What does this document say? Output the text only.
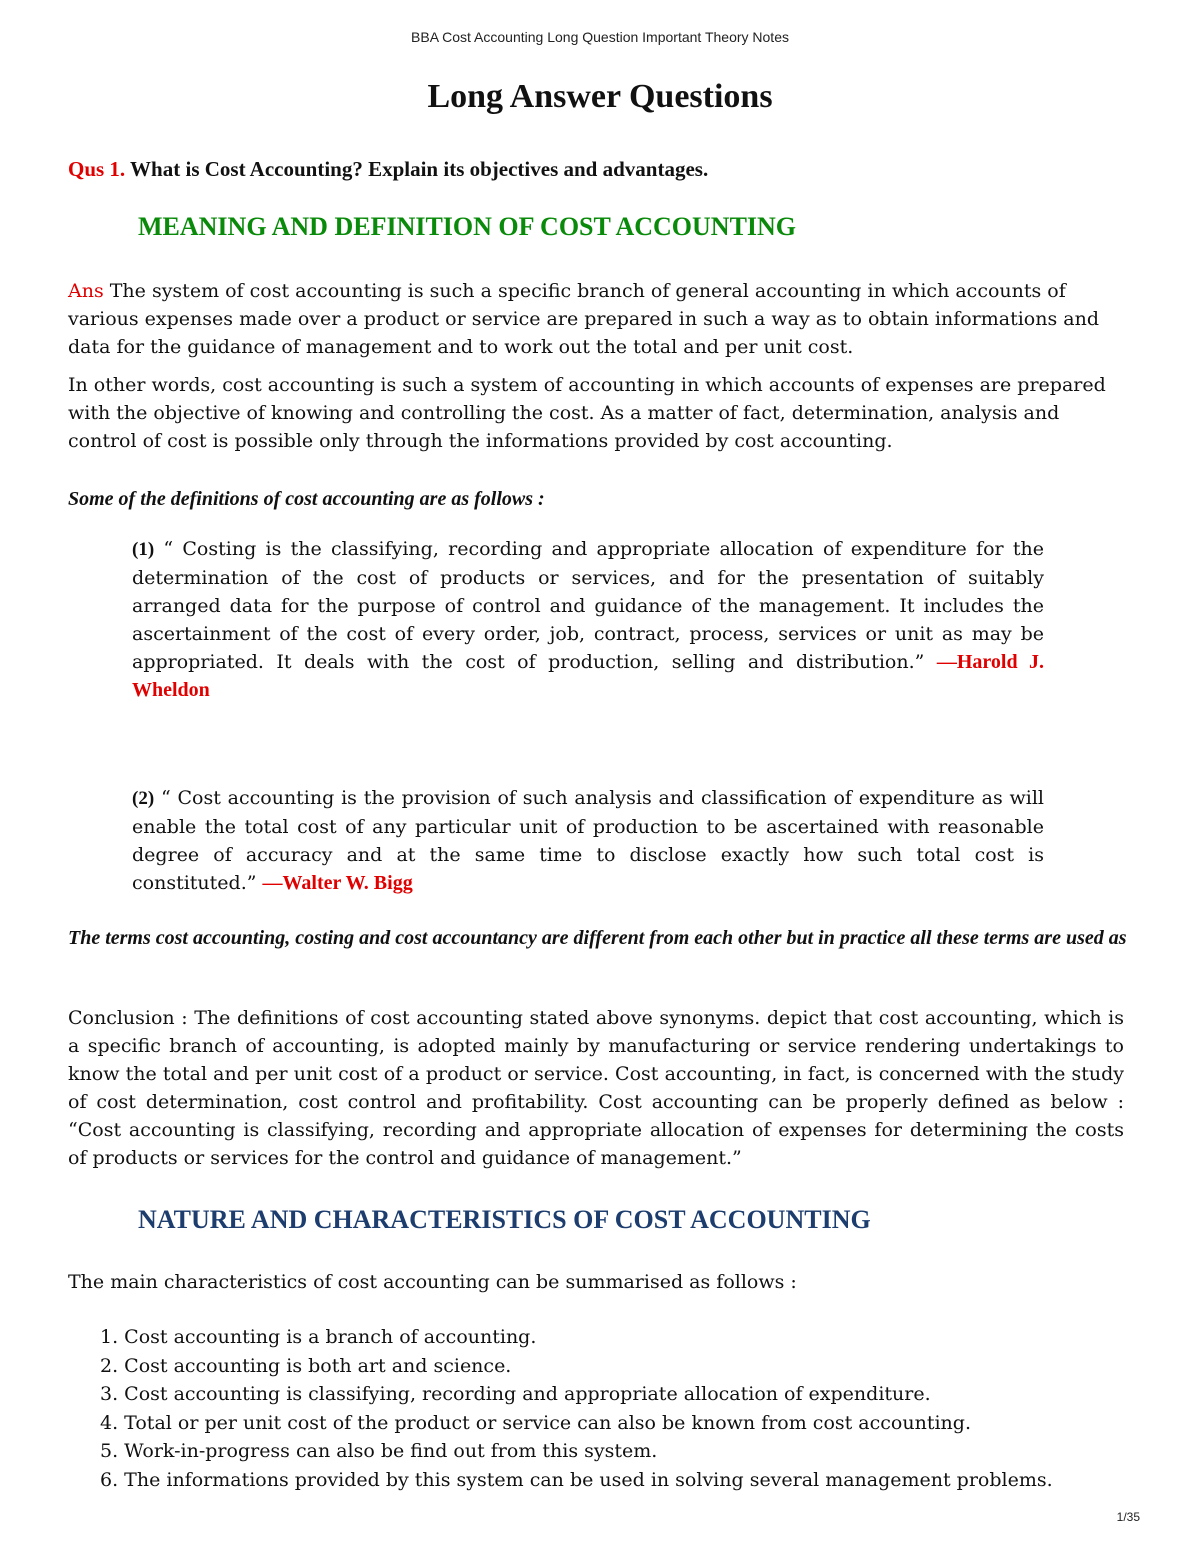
BBA Cost Accounting Long Question Important Theory Notes
Long Answer Questions

Qus 1. What is Cost Accounting? Explain its objectives and advantages.

MEANING AND DEFINITION OF COST ACCOUNTING

Ans The system of cost accounting is such a specific branch of general accounting in which accounts of various expenses made over a product or service are prepared in such a way as to obtain informations and data for the guidance of management and to work out the total and per unit cost.

In other words, cost accounting is such a system of accounting in which accounts of expenses are prepared with the objective of knowing and controlling the cost. As a matter of fact, determination, analysis and control of cost is possible only through the informations provided by cost accounting.

Some of the definitions of cost accounting are as follows :

(1) “ Costing is the classifying, recording and appropriate allocation of expenditure for the determination of the cost of products or services, and for the presentation of suitably arranged data for the purpose of control and guidance of the management. It includes the ascertainment of the cost of every order, job, contract, process, services or unit as may be appropriated. It deals with the cost of production, selling and distribution.” —Harold J. Wheldon

(2) “ Cost accounting is the provision of such analysis and classification of expenditure as will enable the total cost of any particular unit of production to be ascertained with reasonable degree of accuracy and at the same time to disclose exactly how such total cost is constituted.” —Walter W. Bigg

The terms cost accounting, costing and cost accountancy are different from each other but in practice all these terms are used as

Conclusion : The definitions of cost accounting stated above synonyms. depict that cost accounting, which is a specific branch of accounting, is adopted mainly by manufacturing or service rendering undertakings to know the total and per unit cost of a product or service. Cost accounting, in fact, is concerned with the study of cost determination, cost control and profitability. Cost accounting can be properly defined as below : “Cost accounting is classifying, recording and appropriate allocation of expenses for determining the costs of products or services for the control and guidance of management.”

NATURE AND CHARACTERISTICS OF COST ACCOUNTING

The main characteristics of cost accounting can be summarised as follows :

1. Cost accounting is a branch of accounting.
2. Cost accounting is both art and science.
3. Cost accounting is classifying, recording and appropriate allocation of expenditure.
4. Total or per unit cost of the product or service can also be known from cost accounting.
5. Work-in-progress can also be find out from this system.
6. The informations provided by this system can be used in solving several management problems.
1/35
